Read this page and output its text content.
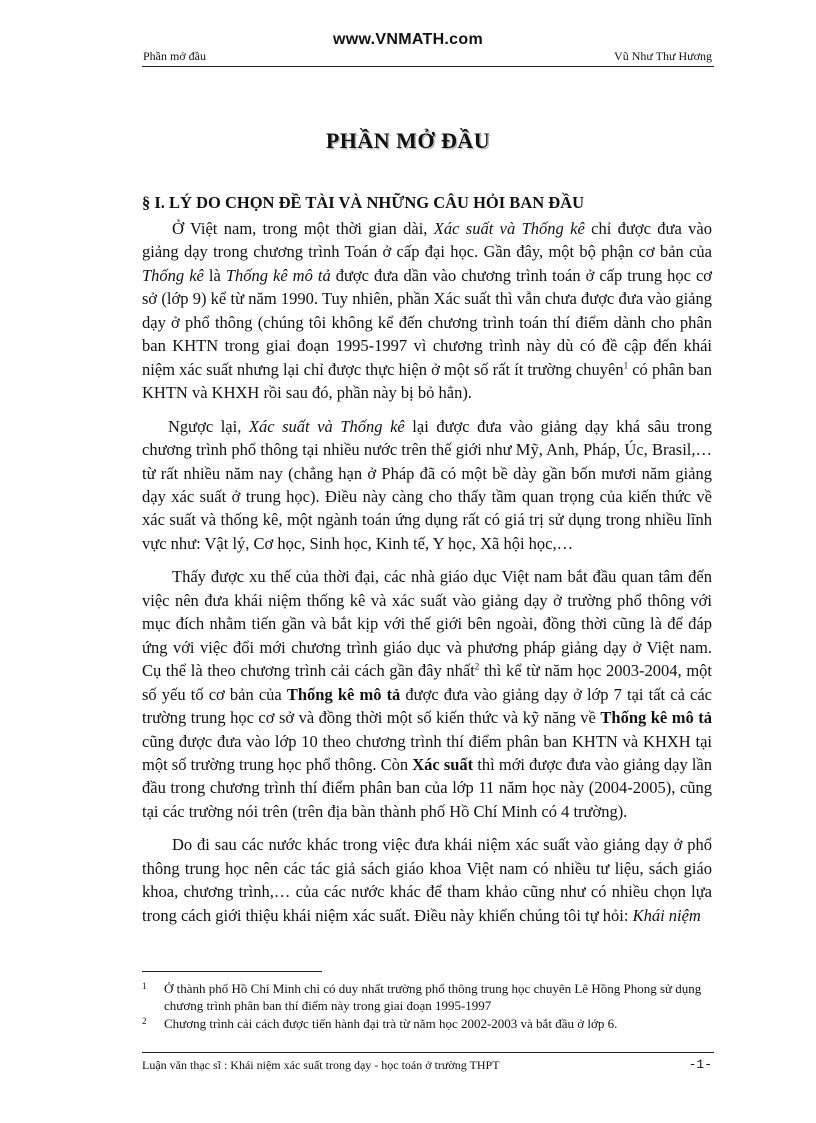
www.VNMATH.com
Phần mở đầu	Vũ Như Thư Hương
PHẦN MỞ ĐẦU
§ I. LÝ DO CHỌN ĐỀ TÀI VÀ NHỮNG CÂU HỎI BAN ĐẦU

Ở Việt nam, trong một thời gian dài, Xác suất và Thống kê chỉ được đưa vào giảng dạy trong chương trình Toán ở cấp đại học. Gần đây, một bộ phận cơ bản của Thống kê là Thống kê mô tả được đưa dần vào chương trình toán ở cấp trung học cơ sở (lớp 9) kể từ năm 1990. Tuy nhiên, phần Xác suất thì vẫn chưa được đưa vào giảng dạy ở phổ thông (chúng tôi không kể đến chương trình toán thí điểm dành cho phân ban KHTN trong giai đoạn 1995-1997 vì chương trình này dù có đề cập đến khái niệm xác suất nhưng lại chỉ được thực hiện ở một số rất ít trường chuyên$^1$ có phân ban KHTN và KHXH rồi sau đó, phần này bị bỏ hẳn).

Ngược lại, Xác suất và Thống kê lại được đưa vào giảng dạy khá sâu trong chương trình phổ thông tại nhiều nước trên thế giới như Mỹ, Anh, Pháp, Úc, Brasil,… từ rất nhiều năm nay (chẳng hạn ở Pháp đã có một bề dày gần bốn mươi năm giảng dạy xác suất ở trung học). Điều này càng cho thấy tầm quan trọng của kiến thức về xác suất và thống kê, một ngành toán ứng dụng rất có giá trị sử dụng trong nhiều lĩnh vực như: Vật lý, Cơ học, Sinh học, Kinh tế, Y học, Xã hội học,…

Thấy được xu thế của thời đại, các nhà giáo dục Việt nam bắt đầu quan tâm đến việc nên đưa khái niệm thống kê và xác suất vào giảng dạy ở trường phổ thông với mục đích nhằm tiến gần và bắt kịp với thế giới bên ngoài, đồng thời cũng là để đáp ứng với việc đổi mới chương trình giáo dục và phương pháp giảng dạy ở Việt nam. Cụ thể là theo chương trình cải cách gần đây nhất$^2$ thì kể từ năm học 2003-2004, một số yếu tố cơ bản của Thống kê mô tả được đưa vào giảng dạy ở lớp 7 tại tất cả các trường trung học cơ sở và đồng thời một số kiến thức và kỹ năng về Thống kê mô tả cũng được đưa vào lớp 10 theo chương trình thí điểm phân ban KHTN và KHXH tại một số trường trung học phổ thông. Còn Xác suất thì mới được đưa vào giảng dạy lần đầu trong chương trình thí điểm phân ban của lớp 11 năm học này (2004-2005), cũng tại các trường nói trên (trên địa bàn thành phố Hồ Chí Minh có 4 trường).

Do đi sau các nước khác trong việc đưa khái niệm xác suất vào giảng dạy ở phổ thông trung học nên các tác giả sách giáo khoa Việt nam có nhiều tư liệu, sách giáo khoa, chương trình,… của các nước khác để tham khảo cũng như có nhiều chọn lựa trong cách giới thiệu khái niệm xác suất. Điều này khiến chúng tôi tự hỏi: Khái niệm

1 Ở thành phố Hồ Chí Minh chỉ có duy nhất trường phổ thông trung học chuyên Lê Hồng Phong sử dụng chương trình phân ban thí điểm này trong giai đoạn 1995-1997
2 Chương trình cải cách được tiến hành đại trà từ năm học 2002-2003 và bắt đầu ở lớp 6.
Luận văn thạc sĩ : Khái niệm xác suất trong dạy - học toán ở trường THPT	-1-
